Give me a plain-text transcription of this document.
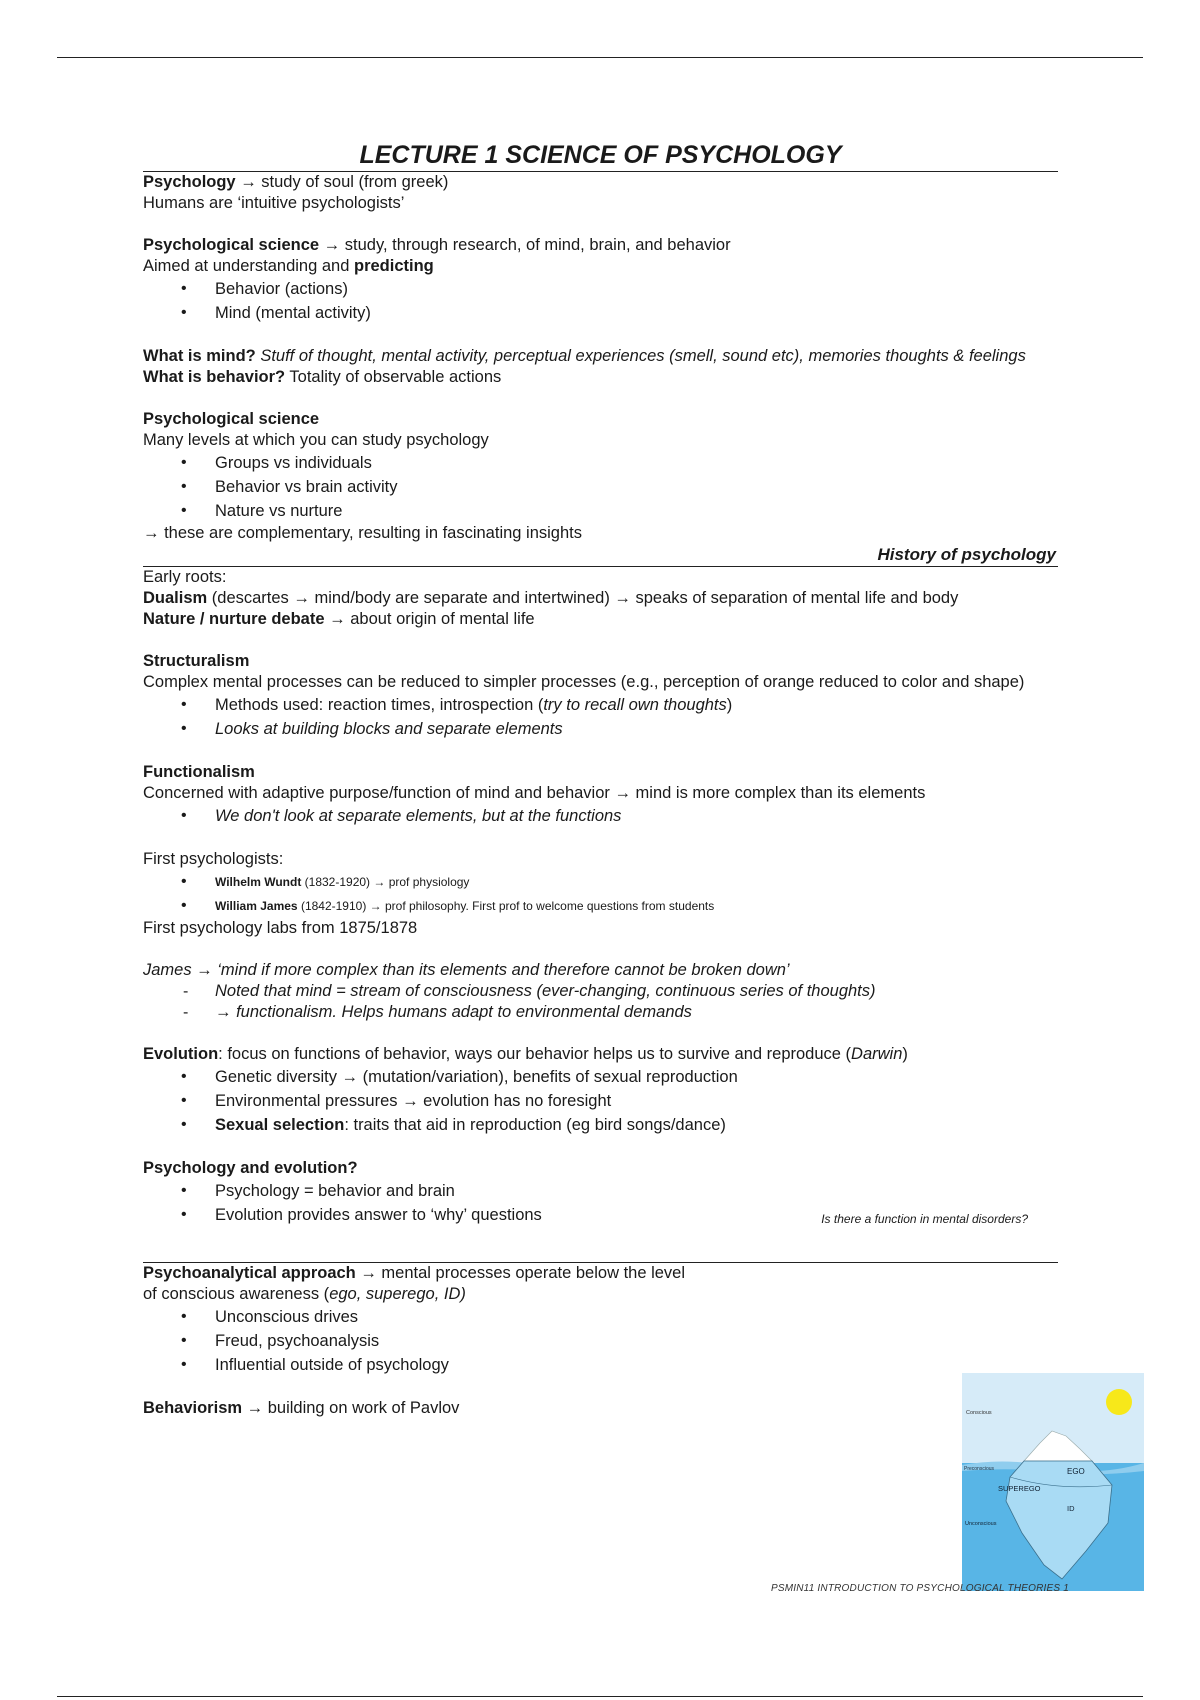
LECTURE 1 SCIENCE OF PSYCHOLOGY

Psychology → study of soul (from greek)

Humans are ‘intuitive psychologists’

Psychological science → study, through research, of mind, brain, and behavior

Aimed at understanding and predicting

• Behavior (actions)
• Mind (mental activity)

What is mind? Stuff of thought, mental activity, perceptual experiences (smell, sound etc), memories thoughts & feelings

What is behavior? Totality of observable actions

Psychological science

Many levels at which you can study psychology

• Groups vs individuals
• Behavior vs brain activity
• Nature vs nurture

→ these are complementary, resulting in fascinating insights

History of psychology

Early roots:

Dualism (descartes → mind/body are separate and intertwined) → speaks of separation of mental life and body

Nature / nurture debate → about origin of mental life

Structuralism

Complex mental processes can be reduced to simpler processes (e.g., perception of orange reduced to color and shape)

• Methods used: reaction times, introspection (try to recall own thoughts)
• Looks at building blocks and separate elements

Functionalism

Concerned with adaptive purpose/function of mind and behavior → mind is more complex than its elements

• We don't look at separate elements, but at the functions

First psychologists:

• Wilhelm Wundt (1832-1920) → prof physiology
• William James (1842-1910) → prof philosophy. First prof to welcome questions from students

First psychology labs from 1875/1878

James → ‘mind if more complex than its elements and therefore cannot be broken down’

- Noted that mind = stream of consciousness (ever-changing, continuous series of thoughts)
- → functionalism. Helps humans adapt to environmental demands

Evolution: focus on functions of behavior, ways our behavior helps us to survive and reproduce (Darwin)

• Genetic diversity → (mutation/variation), benefits of sexual reproduction
• Environmental pressures → evolution has no foresight
• Sexual selection: traits that aid in reproduction (eg bird songs/dance)

Psychology and evolution?

• Psychology = behavior and brain
• Evolution provides answer to ‘why’ questions	Is there a function in mental disorders?

Psychoanalytical approach → mental processes operate below the level

of conscious awareness (ego, superego, ID)

• Unconscious drives
• Freud, psychoanalysis
• Influential outside of psychology

Behaviorism → building on work of Pavlov	Conscious
Preconscious
Unconscious
EGO
SUPEREGO
ID
PSMIN11 INTRODUCTION TO PSYCHOLOGICAL THEORIES 1
